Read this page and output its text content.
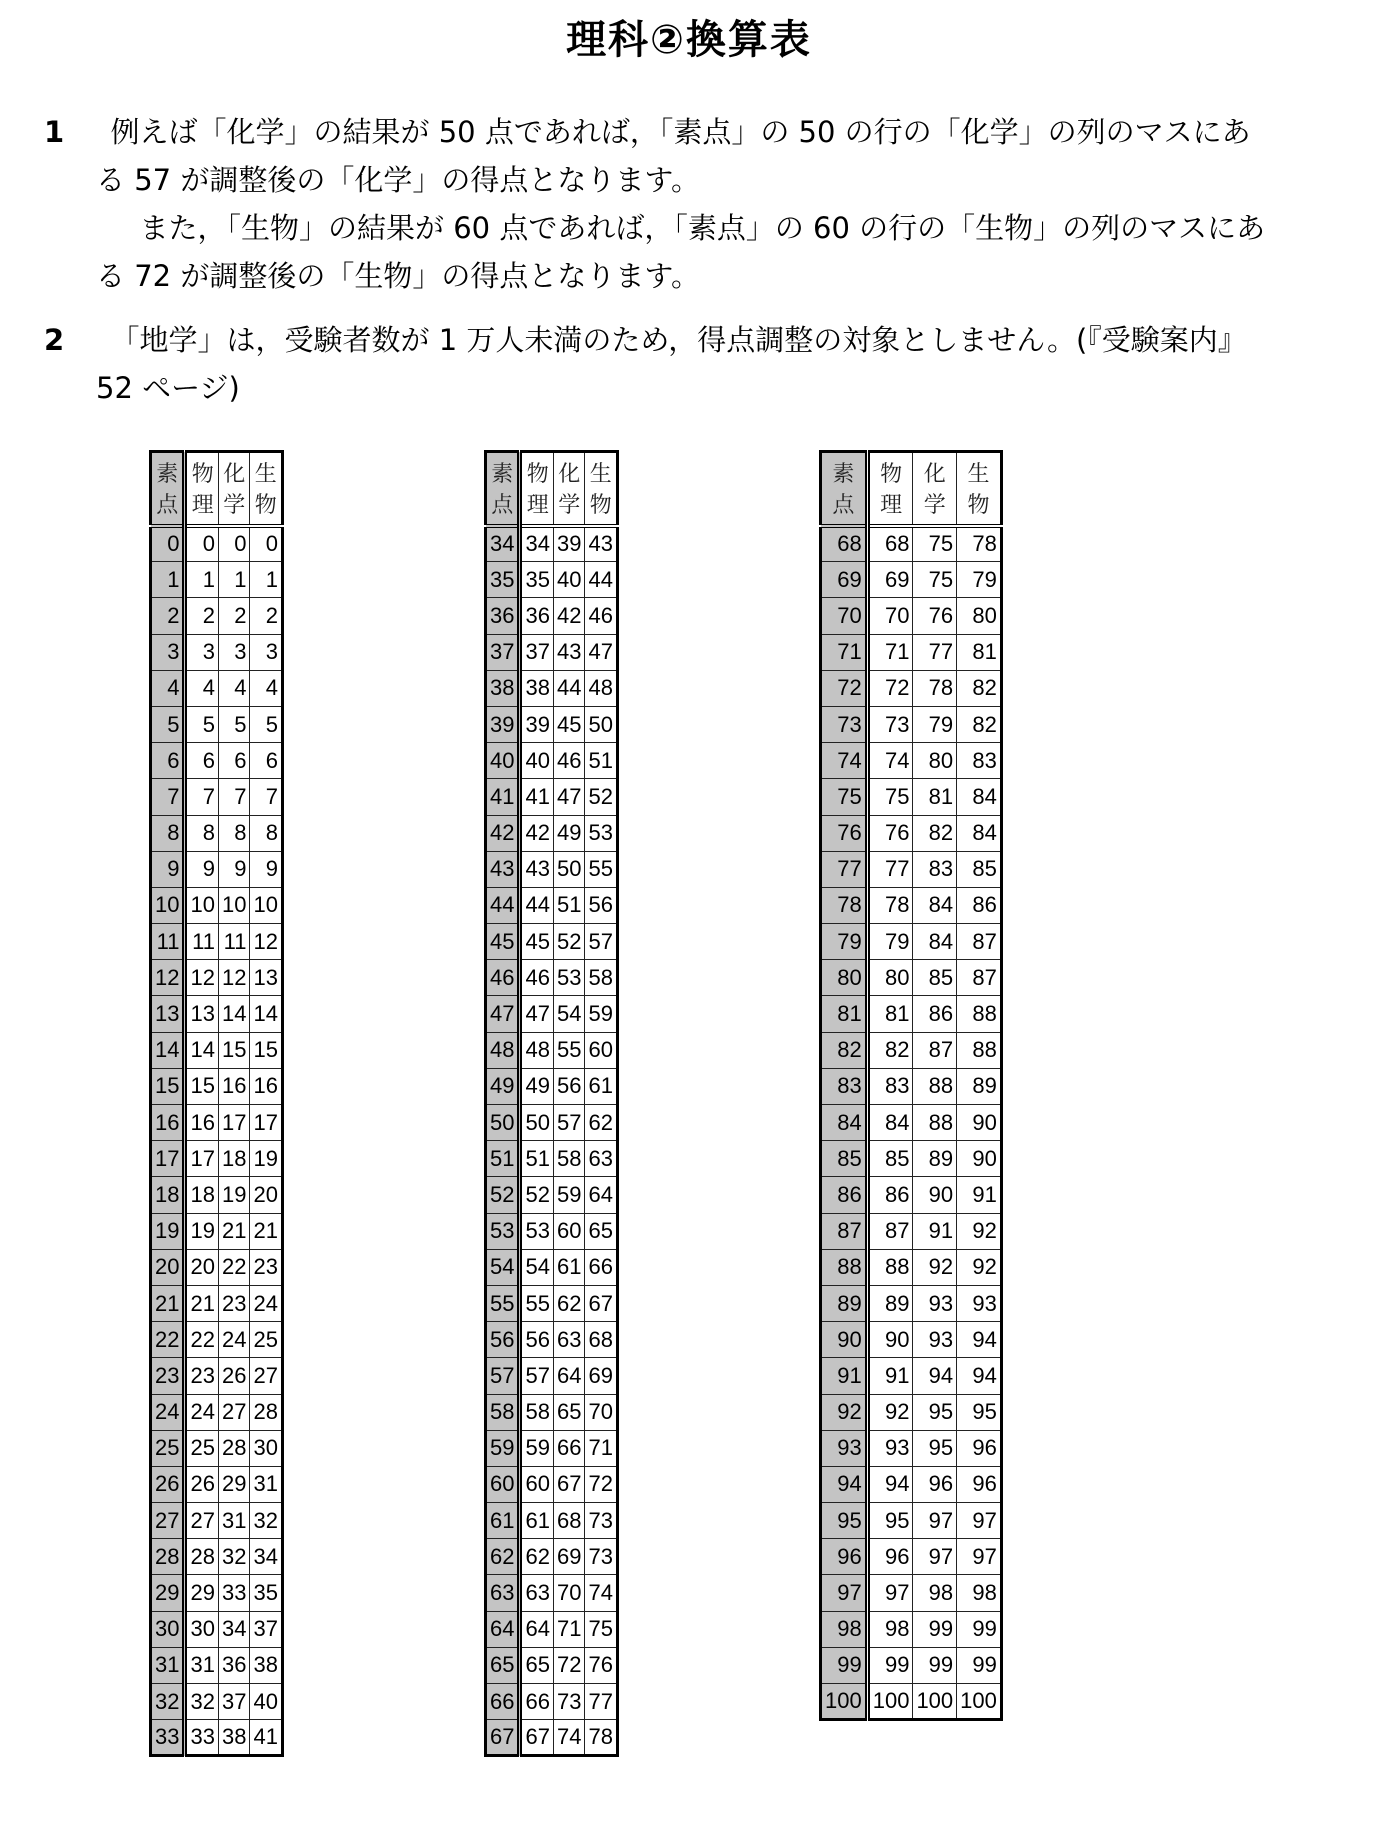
理科②換算表
1	例えば「化学」の結果が 50 点であれば，「素点」の 50 の行の「化学」の列のマスにある 57 が調整後の「化学」の得点となります。

また，「生物」の結果が 60 点であれば，「素点」の 60 の行の「生物」の列のマスにある 72 が調整後の「生物」の得点となります。

2	「地学」は，受験者数が 1 万人未満のため，得点調整の対象としません。(『受験案内』52 ページ)

素点	物理	化学	生物
0	0	0	0
1	1	1	1
2	2	2	2
3	3	3	3
4	4	4	4
5	5	5	5
6	6	6	6
7	7	7	7
8	8	8	8
9	9	9	9
10	10	10	10
11	11	11	12
12	12	12	13
13	13	14	14
14	14	15	15
15	15	16	16
16	16	17	17
17	17	18	19
18	18	19	20
19	19	21	21
20	20	22	23
21	21	23	24
22	22	24	25
23	23	26	27
24	24	27	28
25	25	28	30
26	26	29	31
27	27	31	32
28	28	32	34
29	29	33	35
30	30	34	37
31	31	36	38
32	32	37	40
33	33	38	41
素点	物理	化学	生物
34	34	39	43
35	35	40	44
36	36	42	46
37	37	43	47
38	38	44	48
39	39	45	50
40	40	46	51
41	41	47	52
42	42	49	53
43	43	50	55
44	44	51	56
45	45	52	57
46	46	53	58
47	47	54	59
48	48	55	60
49	49	56	61
50	50	57	62
51	51	58	63
52	52	59	64
53	53	60	65
54	54	61	66
55	55	62	67
56	56	63	68
57	57	64	69
58	58	65	70
59	59	66	71
60	60	67	72
61	61	68	73
62	62	69	73
63	63	70	74
64	64	71	75
65	65	72	76
66	66	73	77
67	67	74	78
素点	物理	化学	生物
68	68	75	78
69	69	75	79
70	70	76	80
71	71	77	81
72	72	78	82
73	73	79	82
74	74	80	83
75	75	81	84
76	76	82	84
77	77	83	85
78	78	84	86
79	79	84	87
80	80	85	87
81	81	86	88
82	82	87	88
83	83	88	89
84	84	88	90
85	85	89	90
86	86	90	91
87	87	91	92
88	88	92	92
89	89	93	93
90	90	93	94
91	91	94	94
92	92	95	95
93	93	95	96
94	94	96	96
95	95	97	97
96	96	97	97
97	97	98	98
98	98	99	99
99	99	99	99
100	100	100	100
